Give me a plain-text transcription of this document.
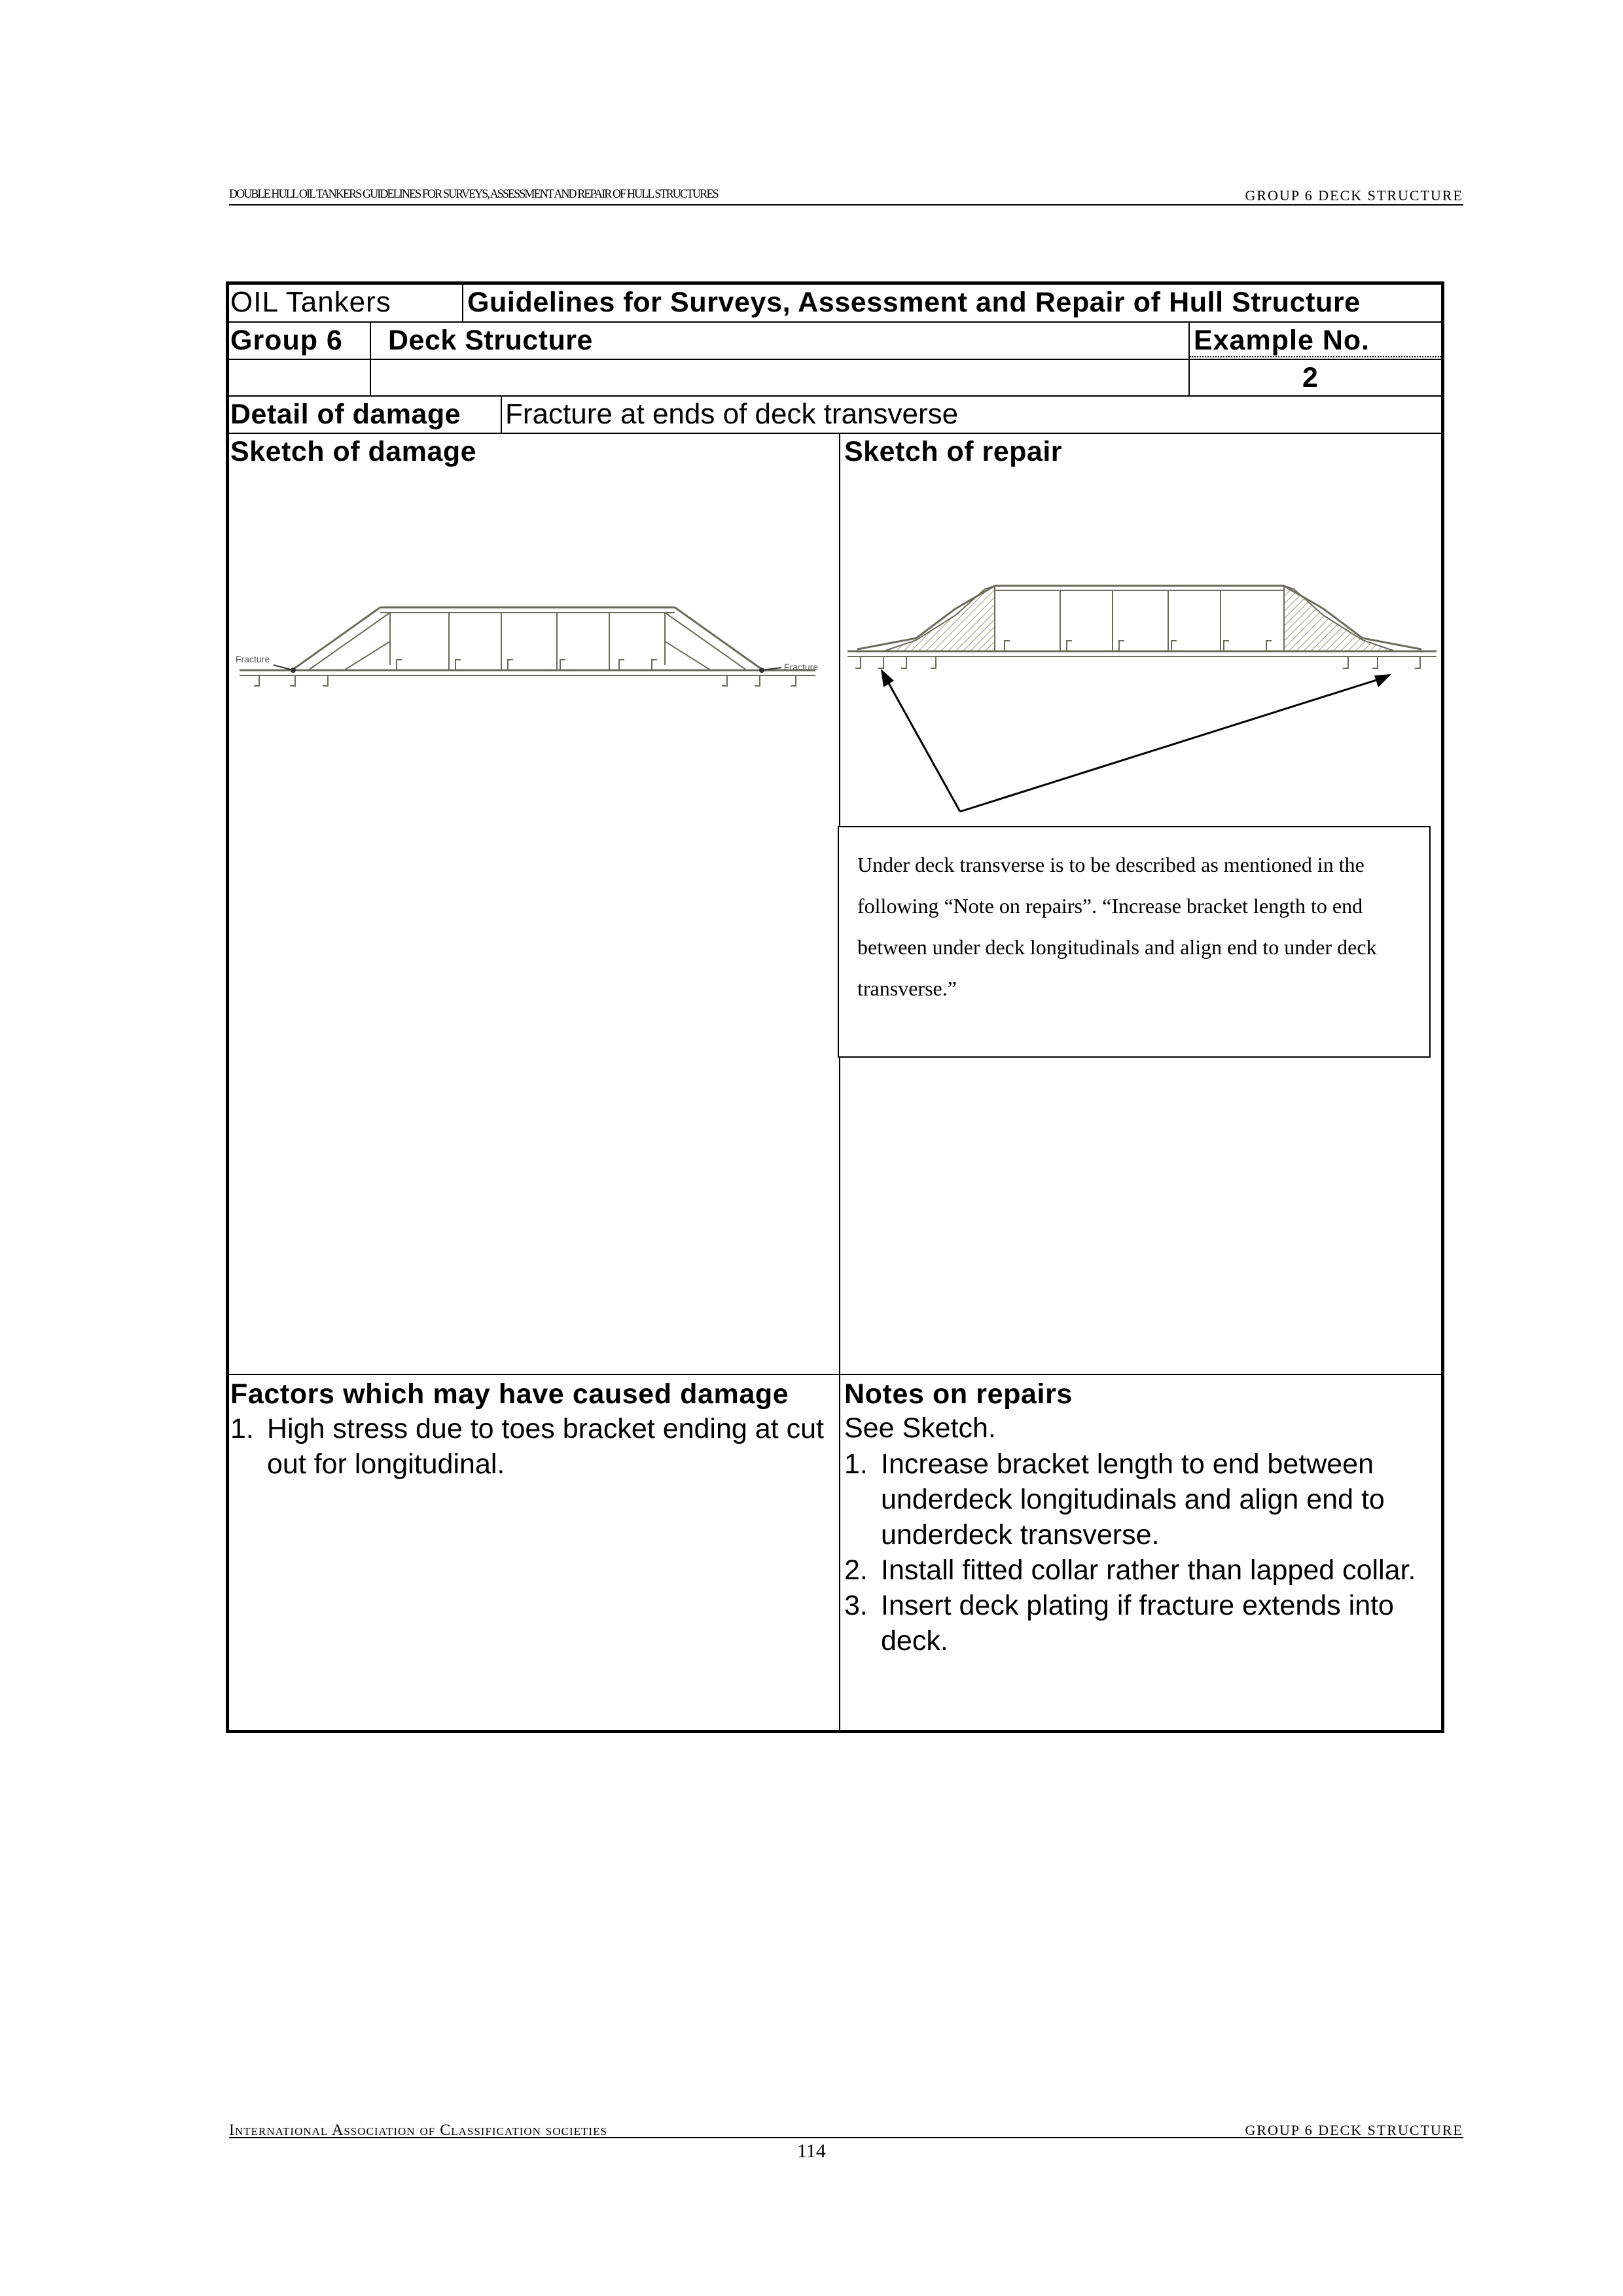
DOUBLE HULL OIL TANKERS GUIDELINES FOR SURVEYS, ASSESSMENT AND REPAIR OF HULL STRUCTURES	GROUP 6 DECK STRUCTURE
OIL Tankers	Guidelines for Surveys, Assessment and Repair of Hull Structure
Group 6 Deck Structure	Example No.
2
Detail of damage Fracture at ends of deck transverse
Sketch of damage	Sketch of repair
Fracture
Fracture

Under deck transverse is to be described as mentioned in the following “Note on repairs”. “Increase bracket length to end between under deck longitudinals and align end to under deck transverse.”

Factors which may have caused damage
1. High stress due to toes bracket ending at cut out for longitudinal.
Notes on repairs
See Sketch.
1. Increase bracket length to end between underdeck longitudinals and align end to underdeck transverse.
2. Install fitted collar rather than lapped collar.
3. Insert deck plating if fracture extends into deck.
International Association of Classification societies	GROUP 6 DECK STRUCTURE
114
